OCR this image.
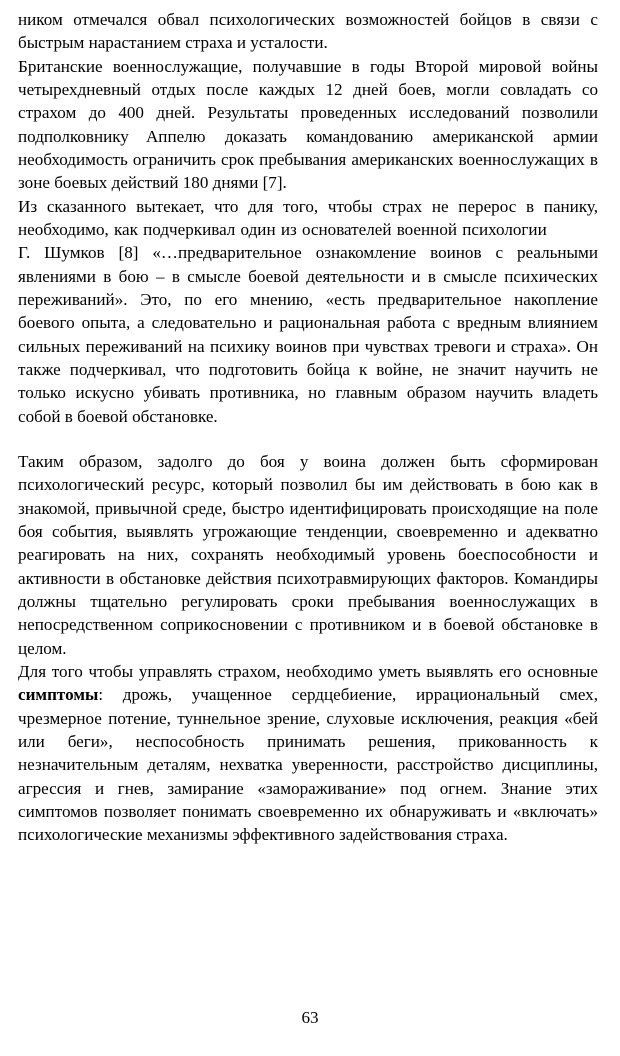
ником отмечался обвал психологических возможностей бойцов в связи с быстрым нарастанием страха и усталости.

Британские военнослужащие, получавшие в годы Второй мировой войны четырехдневный отдых после каждых 12 дней боев, могли совладать со страхом до 400 дней. Результаты проведенных исследований позволили подполковнику Аппелю доказать командованию американской армии необходимость ограничить срок пребывания американских военнослужащих в зоне боевых действий 180 днями [7].

Из сказанного вытекает, что для того, чтобы страх не перерос в панику, необходимо, как подчеркивал один из основателей военной психологии   Г. Шумков [8] «…предварительное ознакомление воинов с реальными явлениями в бою – в смысле боевой деятельности и в смысле психических переживаний». Это, по его мнению, «есть предварительное накопление боевого опыта, а следовательно и рациональная работа с вредным влиянием сильных переживаний на психику воинов при чувствах тревоги и страха». Он также подчеркивал, что подготовить бойца к войне, не значит научить не только искусно убивать противника, но главным образом научить владеть собой в боевой обстановке.

Таким образом, задолго до боя у воина должен быть сформирован психологический ресурс, который позволил бы им действовать в бою как в знакомой, привычной среде, быстро идентифицировать происходящие на поле боя события, выявлять угрожающие тенденции, своевременно и адекватно реагировать на них, сохранять необходимый уровень боеспособности и активности в обстановке действия психотравмирующих факторов. Командиры должны тщательно регулировать сроки пребывания военнослужащих в непосредственном соприкосновении с противником и в боевой обстановке в целом.

Для того чтобы управлять страхом, необходимо уметь выявлять его основные симптомы: дрожь, учащенное сердцебиение, иррациональный смех, чрезмерное потение, туннельное зрение, слуховые исключения, реакция «бей или беги», неспособность принимать решения, прикованность к незначительным деталям, нехватка уверенности, расстройство дисциплины, агрессия и гнев, замирание «замораживание» под огнем. Знание этих симптомов позволяет понимать своевременно их обнаруживать и «включать» психологические механизмы эффективного задействования страха.

63
